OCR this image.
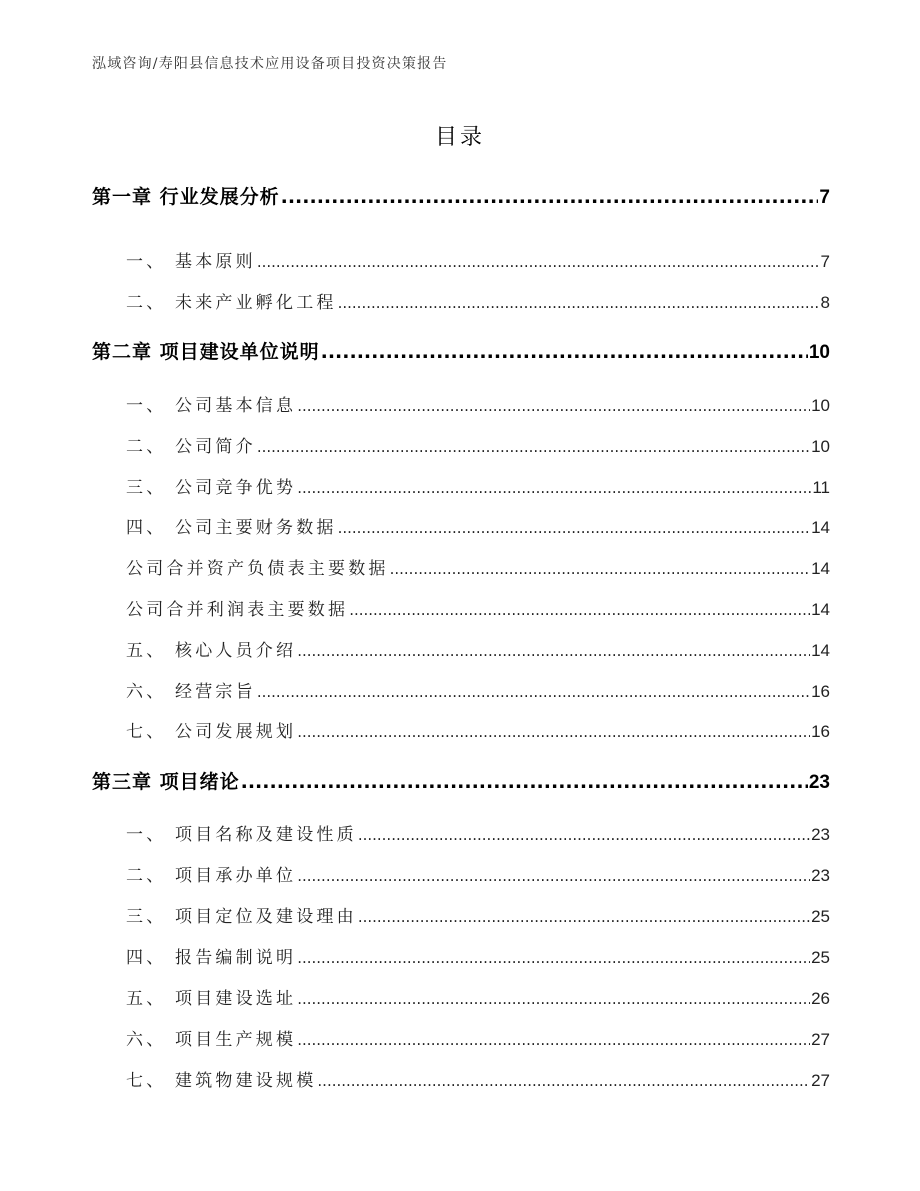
泓域咨询/寿阳县信息技术应用设备项目投资决策报告
目录
第一章 行业发展分析 .....	7
一、 基本原则 .....	7
二、 未来产业孵化工程 .....	8
第二章 项目建设单位说明 .....	10
一、 公司基本信息 .....	10
二、 公司简介 .....	10
三、 公司竞争优势 .....	11
四、 公司主要财务数据 .....	14
公司合并资产负债表主要数据 .....	14
公司合并利润表主要数据 .....	14
五、 核心人员介绍 .....	14
六、 经营宗旨 .....	16
七、 公司发展规划 .....	16
第三章 项目绪论 .....	23
一、 项目名称及建设性质 .....	23
二、 项目承办单位 .....	23
三、 项目定位及建设理由 .....	25
四、 报告编制说明 .....	25
五、 项目建设选址 .....	26
六、 项目生产规模 .....	27
七、 建筑物建设规模 .....	27
